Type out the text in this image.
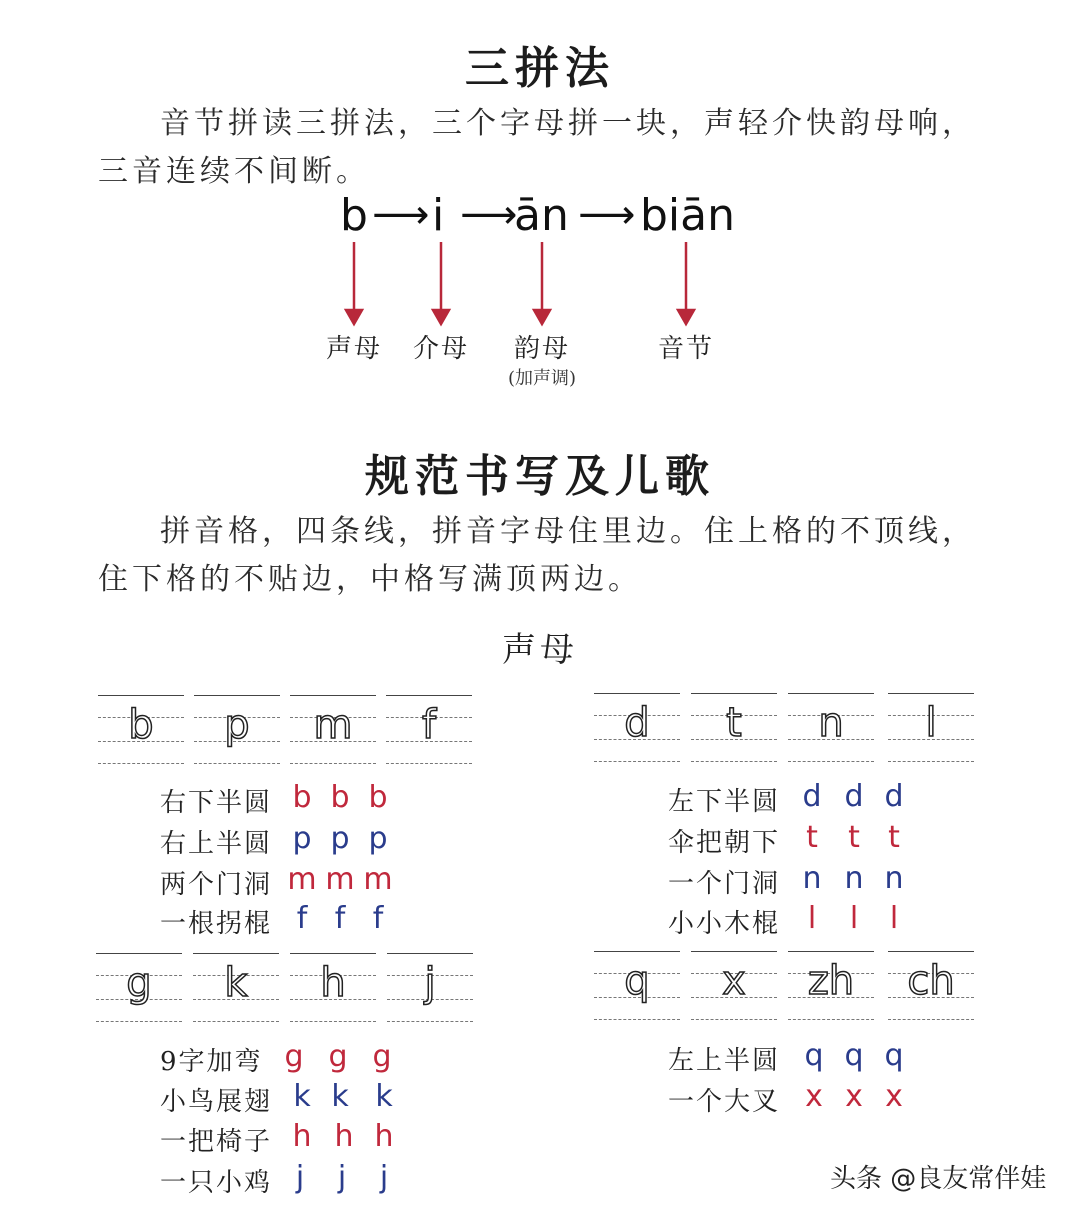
三拼法
音节拼读三拼法，三个字母拼一块，声轻介快韵母响，
三音连续不间断。
b ⟶ i ⟶
ān ⟶ biān
声母	介母	韵母
(加声调)
音节
规范书写及儿歌
拼音格，四条线，拼音字母住里边。住上格的不顶线，
住下格的不贴边，中格写满顶两边。
声母
b	p	m	f
右下半圆 b b b
右上半圆 p p p
两个门洞 m m m
一根拐棍 f f f
d	t	n	l
左下半圆 d d d
伞把朝下 t	t t
一个门洞 n n n
小小木棍 l	l	l
g	k	h	j
9字加弯 g g g
小鸟展翅 k k k
一把椅子 h h h
一只小鸡 j	j	j
q	x	zh	ch
左上半圆 q q q
一个大叉 x x x
头条 @良友常伴娃
